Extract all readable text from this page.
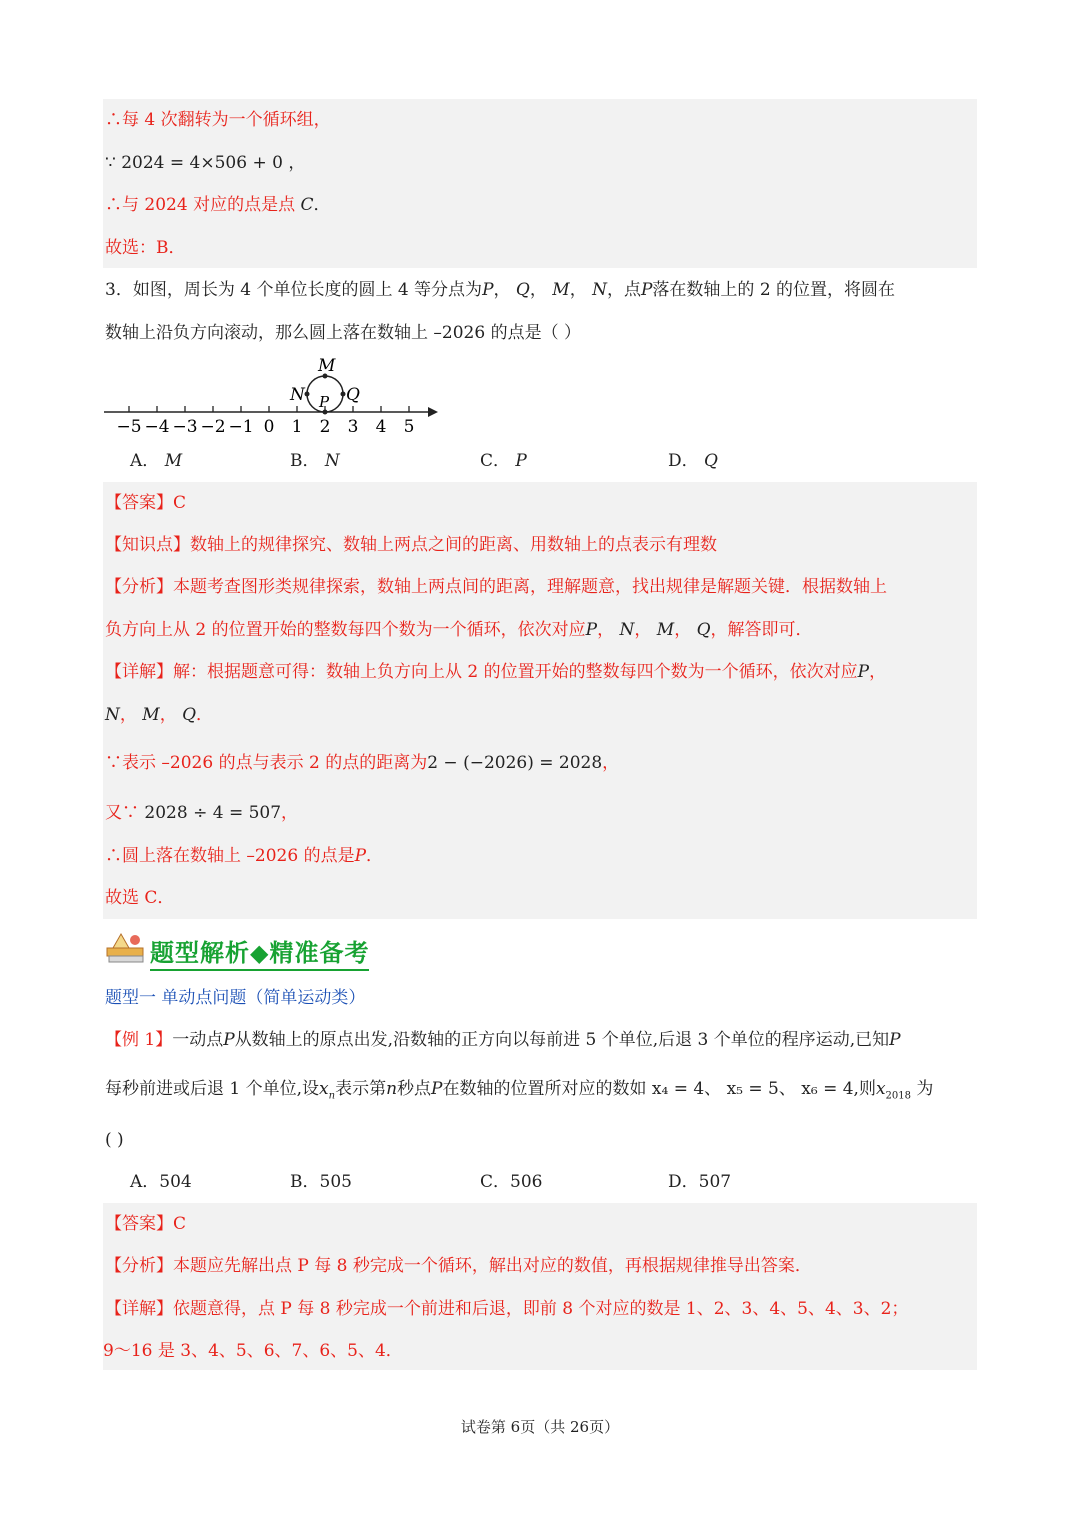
∴每 4 次翻转为一个循环组，
∵ 2024 = 4×506 + 0 ，
∴与 2024 对应的点是点 C．
故选：B．
3．如图，周长为 4 个单位长度的圆上 4 等分点为P， Q， M， N，点P落在数轴上的 2 的位置，将圆在
数轴上沿负方向滚动，那么圆上落在数轴上 –2026 的点是（ ）
−5 −4 −3 −2 −1 0 1 2 3 4 5
M
N P Q
A． M	B． N	C． P	D． Q
【答案】C
【知识点】数轴上的规律探究、数轴上两点之间的距离、用数轴上的点表示有理数
【分析】本题考查图形类规律探索，数轴上两点间的距离，理解题意，找出规律是解题关键．根据数轴上
负方向上从 2 的位置开始的整数每四个数为一个循环，依次对应P， N， M， Q，解答即可．
【详解】解：根据题意可得：数轴上负方向上从 2 的位置开始的整数每四个数为一个循环，依次对应P，
N， M， Q．
∵表示 –2026 的点与表示 2 的点的距离为2 − (−2026) = 2028，
又∵ 2028 ÷ 4 = 507，
∴圆上落在数轴上 –2026 的点是P．
故选 C．
题型解析◆精准备考
题型一 单动点问题（简单运动类）
【例 1】一动点P从数轴上的原点出发,沿数轴的正方向以每前进 5 个单位,后退 3 个单位的程序运动,已知P
每秒前进或后退 1 个单位,设$x_n$表示第n秒点P在数轴的位置所对应的数如 x₄ = 4、 x₅ = 5、 x₆ = 4,则$x_{2018}$ 为
( )
A．504	B．505	C．506	D．507
【答案】C
【分析】本题应先解出点 P 每 8 秒完成一个循环，解出对应的数值，再根据规律推导出答案．
【详解】依题意得，点 P 每 8 秒完成一个前进和后退，即前 8 个对应的数是 1、2、3、4、5、4、3、2；
9～16 是 3、4、5、6、7、6、5、4．
试卷第 6页（共 26页）
